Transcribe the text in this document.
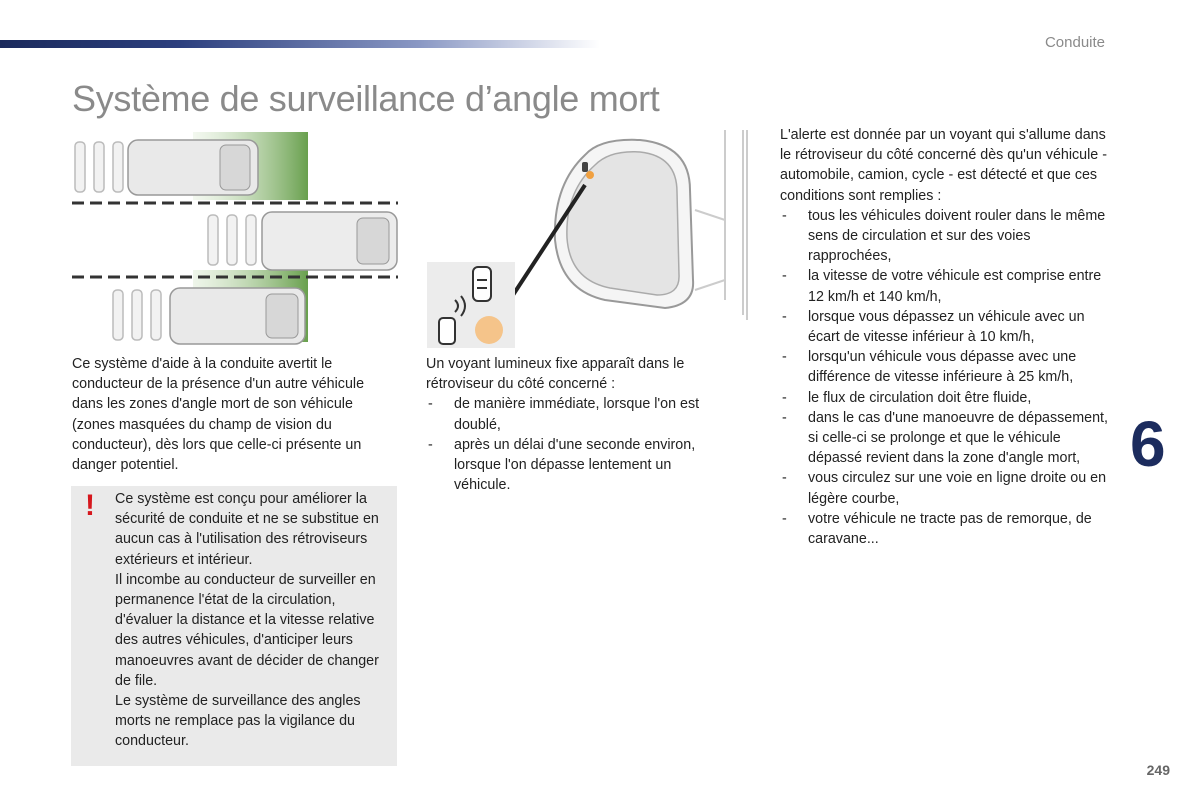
Conduite
Système de surveillance d’angle mort

Ce système d'aide à la conduite avertit le conducteur de la présence d'un autre véhicule dans les zones d'angle mort de son véhicule (zones masquées du champ de vision du conducteur), dès lors que celle-ci présente un danger potentiel.

! Ce système est conçu pour améliorer la sécurité de conduite et ne se substitue en aucun cas à l'utilisation des rétroviseurs extérieurs et intérieur.

Il incombe au conducteur de surveiller en permanence l'état de la circulation, d'évaluer la distance et la vitesse relative des autres véhicules, d'anticiper leurs manoeuvres avant de décider de changer de file.

Le système de surveillance des angles morts ne remplace pas la vigilance du conducteur.

Un voyant lumineux fixe apparaît dans le rétroviseur du côté concerné :

- de manière immédiate, lorsque l'on est doublé,
- après un délai d'une seconde environ, lorsque l'on dépasse lentement un véhicule.

L'alerte est donnée par un voyant qui s'allume dans le rétroviseur du côté concerné dès qu'un véhicule - automobile, camion, cycle - est détecté et que ces conditions sont remplies :

- tous les véhicules doivent rouler dans le même sens de circulation et sur des voies rapprochées,
- la vitesse de votre véhicule est comprise entre 12 km/h et 140 km/h,
- lorsque vous dépassez un véhicule avec un écart de vitesse inférieur à 10 km/h,
- lorsqu'un véhicule vous dépasse avec une différence de vitesse inférieure à 25 km/h,
- le flux de circulation doit être fluide,
- dans le cas d'une manoeuvre de dépassement, si celle-ci se prolonge et que le véhicule dépassé revient dans la zone d'angle mort,
- vous circulez sur une voie en ligne droite ou en légère courbe,
- votre véhicule ne tracte pas de remorque, de caravane...
6
249
